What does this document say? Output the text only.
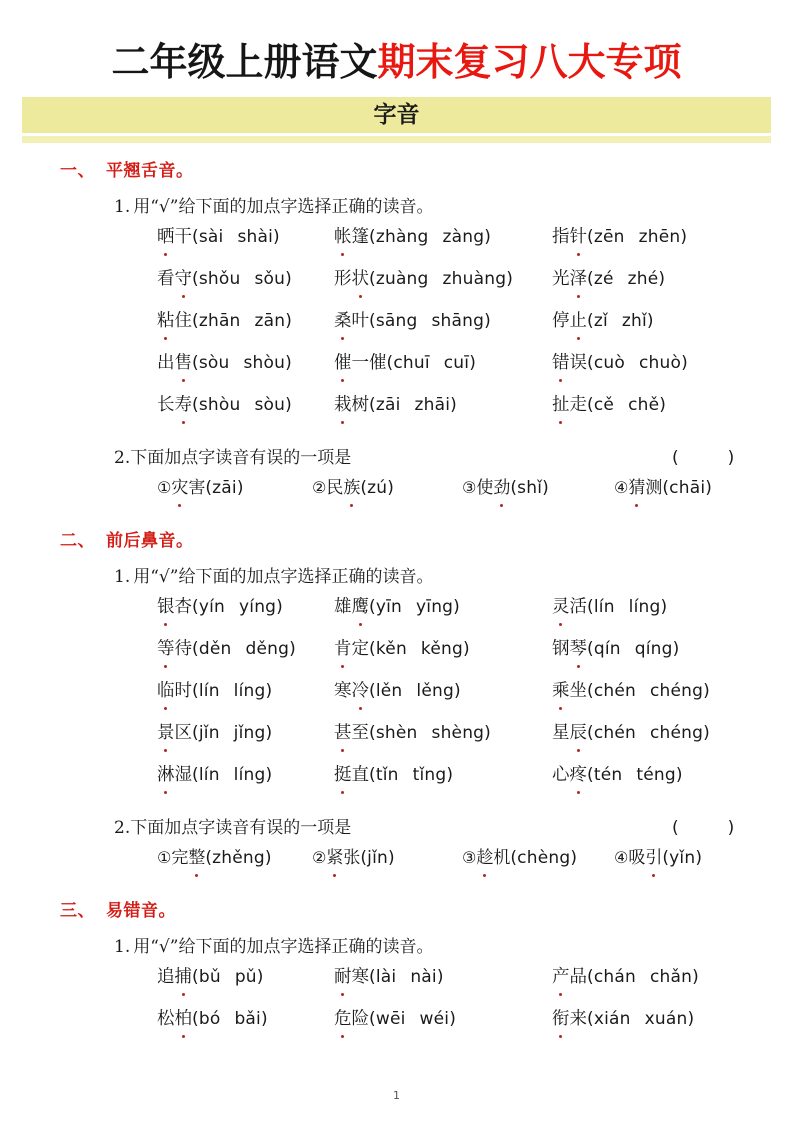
二年级上册语文期末复习八大专项
字音
一、 平翘舌音。
1. 用“√”给下面的加点字选择正确的读音。
晒干(sài shài)	帐篷(zhàng zàng)	指针(zēn zhēn)
看守(shǒu sǒu) 形状(zuàng zhuàng) 光泽(zé zhé)
粘住(zhān zān) 桑叶(sāng shāng)	停止(zǐ zhǐ)
出售(sòu shòu) 催一催(chuī cuī)	错误(cuò chuò)
长寿(shòu sòu) 栽树(zāi zhāi)	扯走(cě chě)
2.下面加点字读音有误的一项是	(　)
①灾害(zāi)	②民族(zú)	③使劲(shǐ)	④猜测(chāi)
二、 前后鼻音。
1. 用“√”给下面的加点字选择正确的读音。
银杏(yín yíng)	雄鹰(yīn yīng)	灵活(lín líng)
等待(děn děng) 肯定(kěn kěng)	钢琴(qín qíng)
临时(lín líng)	寒冷(lěn lěng)	乘坐(chén chéng)
景区(jǐn jǐng)	甚至(shèn shèng)	星辰(chén chéng)
淋湿(lín líng)	挺直(tǐn tǐng)	心疼(tén téng)
2.下面加点字读音有误的一项是	(　)
①完整(zhěng)	②紧张(jǐn)	③趁机(chèng) ④吸引(yǐn)
三、 易错音。
1. 用“√”给下面的加点字选择正确的读音。
追捕(bǔ pǔ)	耐寒(lài nài)	产品(chán chǎn)
松柏(bó bǎi)	危险(wēi wéi)	衔来(xián xuán)
1
